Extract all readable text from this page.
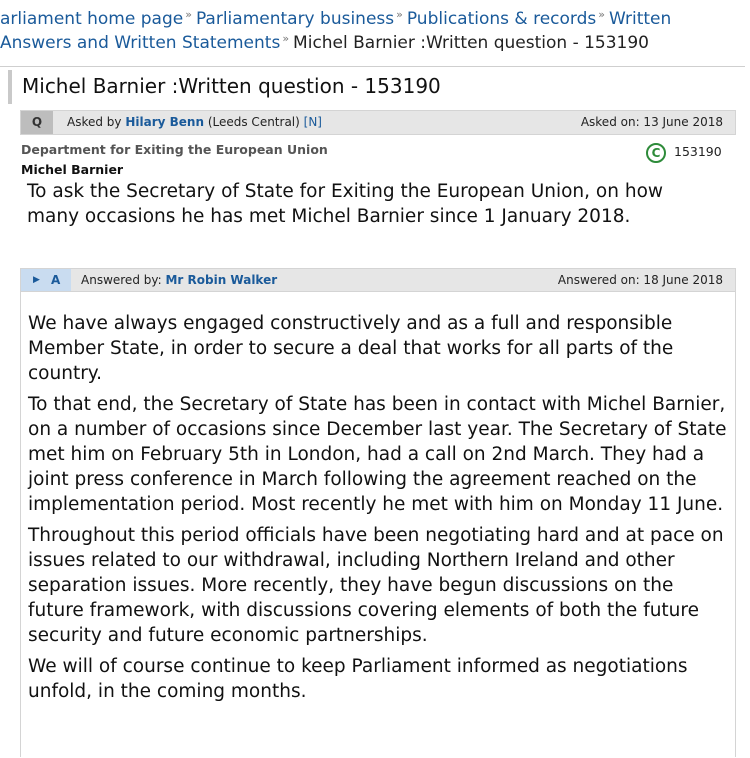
arliament home page » Parliamentary business » Publications & records » Written
Answers and Written Statements » Michel Barnier :Written question - 153190
Michel Barnier :Written question - 153190
Q	Asked by Hilary Benn (Leeds Central) [N]	Asked on: 13 June 2018
Department for Exiting the European Union
Michel Barnier
C 153190
To ask the Secretary of State for Exiting the European Union, on how many occasions he has met Michel Barnier since 1 January 2018.
▶ A Answered by: Mr Robin Walker	Answered on: 18 June 2018

We have always engaged constructively and as a full and responsible Member State, in order to secure a deal that works for all parts of the country.

To that end, the Secretary of State has been in contact with Michel Barnier, on a number of occasions since December last year. The Secretary of State met him on February 5th in London, had a call on 2nd March. They had a joint press conference in March following the agreement reached on the implementation period. Most recently he met with him on Monday 11 June.

Throughout this period officials have been negotiating hard and at pace on issues related to our withdrawal, including Northern Ireland and other separation issues. More recently, they have begun discussions on the future framework, with discussions covering elements of both the future security and future economic partnerships.

We will of course continue to keep Parliament informed as negotiations unfold, in the coming months.
